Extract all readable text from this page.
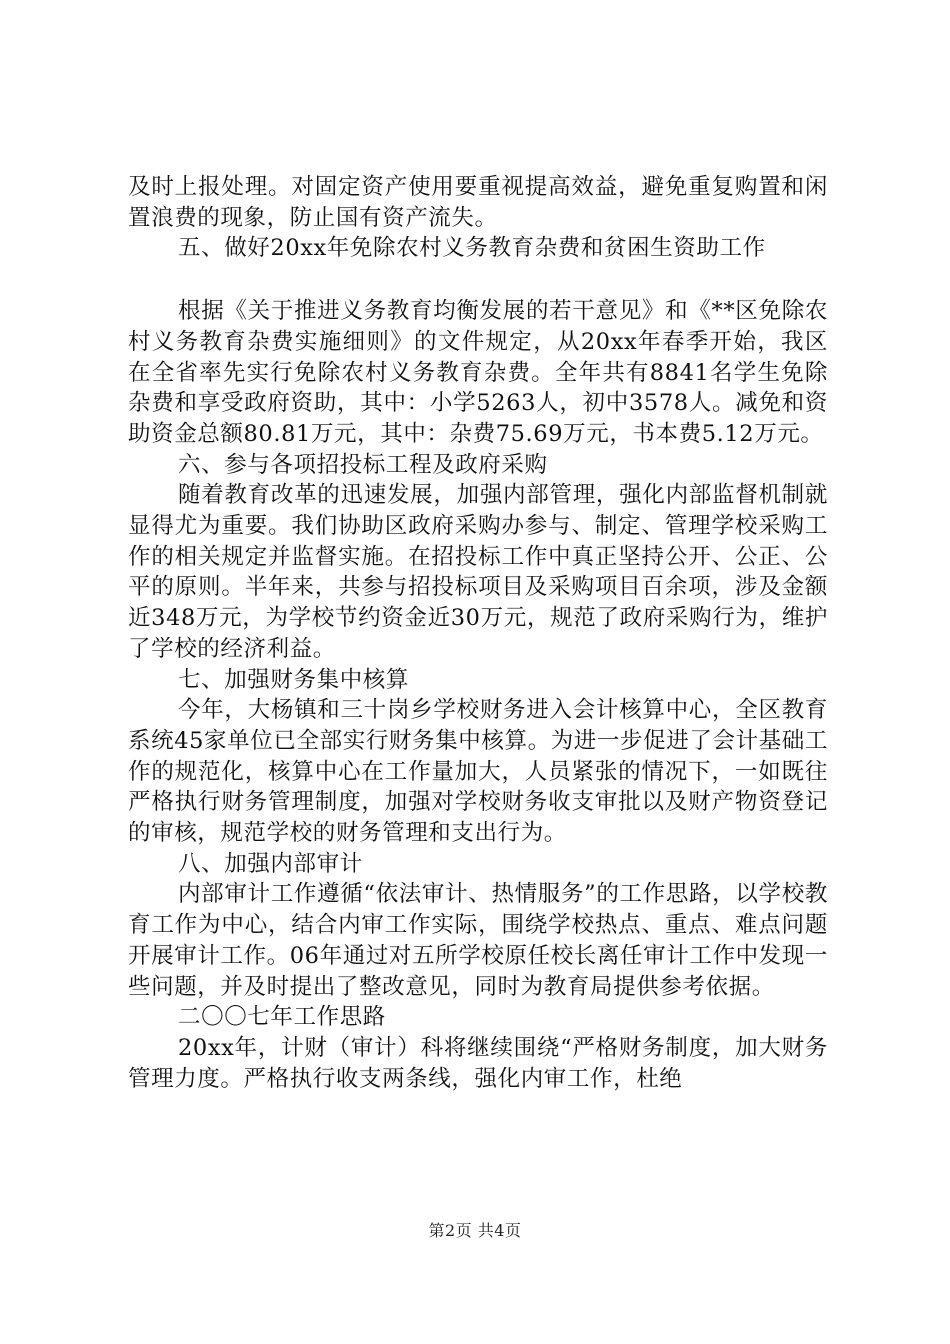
及时上报处理。对固定资产使用要重视提高效益，避免重复购置和闲置浪费的现象，防止国有资产流失。

五、做好20xx年免除农村义务教育杂费和贫困生资助工作

根据《关于推进义务教育均衡发展的若干意见》和《**区免除农村义务教育杂费实施细则》的文件规定，从20xx年春季开始，我区在全省率先实行免除农村义务教育杂费。全年共有8841名学生免除杂费和享受政府资助，其中：小学5263人，初中3578人。减免和资助资金总额80.81万元，其中：杂费75.69万元，书本费5.12万元。

六、参与各项招投标工程及政府采购

随着教育改革的迅速发展，加强内部管理，强化内部监督机制就显得尤为重要。我们协助区政府采购办参与、制定、管理学校采购工作的相关规定并监督实施。在招投标工作中真正坚持公开、公正、公平的原则。半年来，共参与招投标项目及采购项目百余项，涉及金额近348万元，为学校节约资金近30万元，规范了政府采购行为，维护了学校的经济利益。

七、加强财务集中核算

今年，大杨镇和三十岗乡学校财务进入会计核算中心，全区教育系统45家单位已全部实行财务集中核算。为进一步促进了会计基础工作的规范化，核算中心在工作量加大，人员紧张的情况下，一如既往严格执行财务管理制度，加强对学校财务收支审批以及财产物资登记的审核，规范学校的财务管理和支出行为。

八、加强内部审计

内部审计工作遵循“依法审计、热情服务”的工作思路，以学校教育工作为中心，结合内审工作实际，围绕学校热点、重点、难点问题开展审计工作。06年通过对五所学校原任校长离任审计工作中发现一些问题，并及时提出了整改意见，同时为教育局提供参考依据。

二〇〇七年工作思路

20xx年，计财（审计）科将继续围绕“严格财务制度，加大财务管理力度。严格执行收支两条线，强化内审工作，杜绝

第2页 共4页
